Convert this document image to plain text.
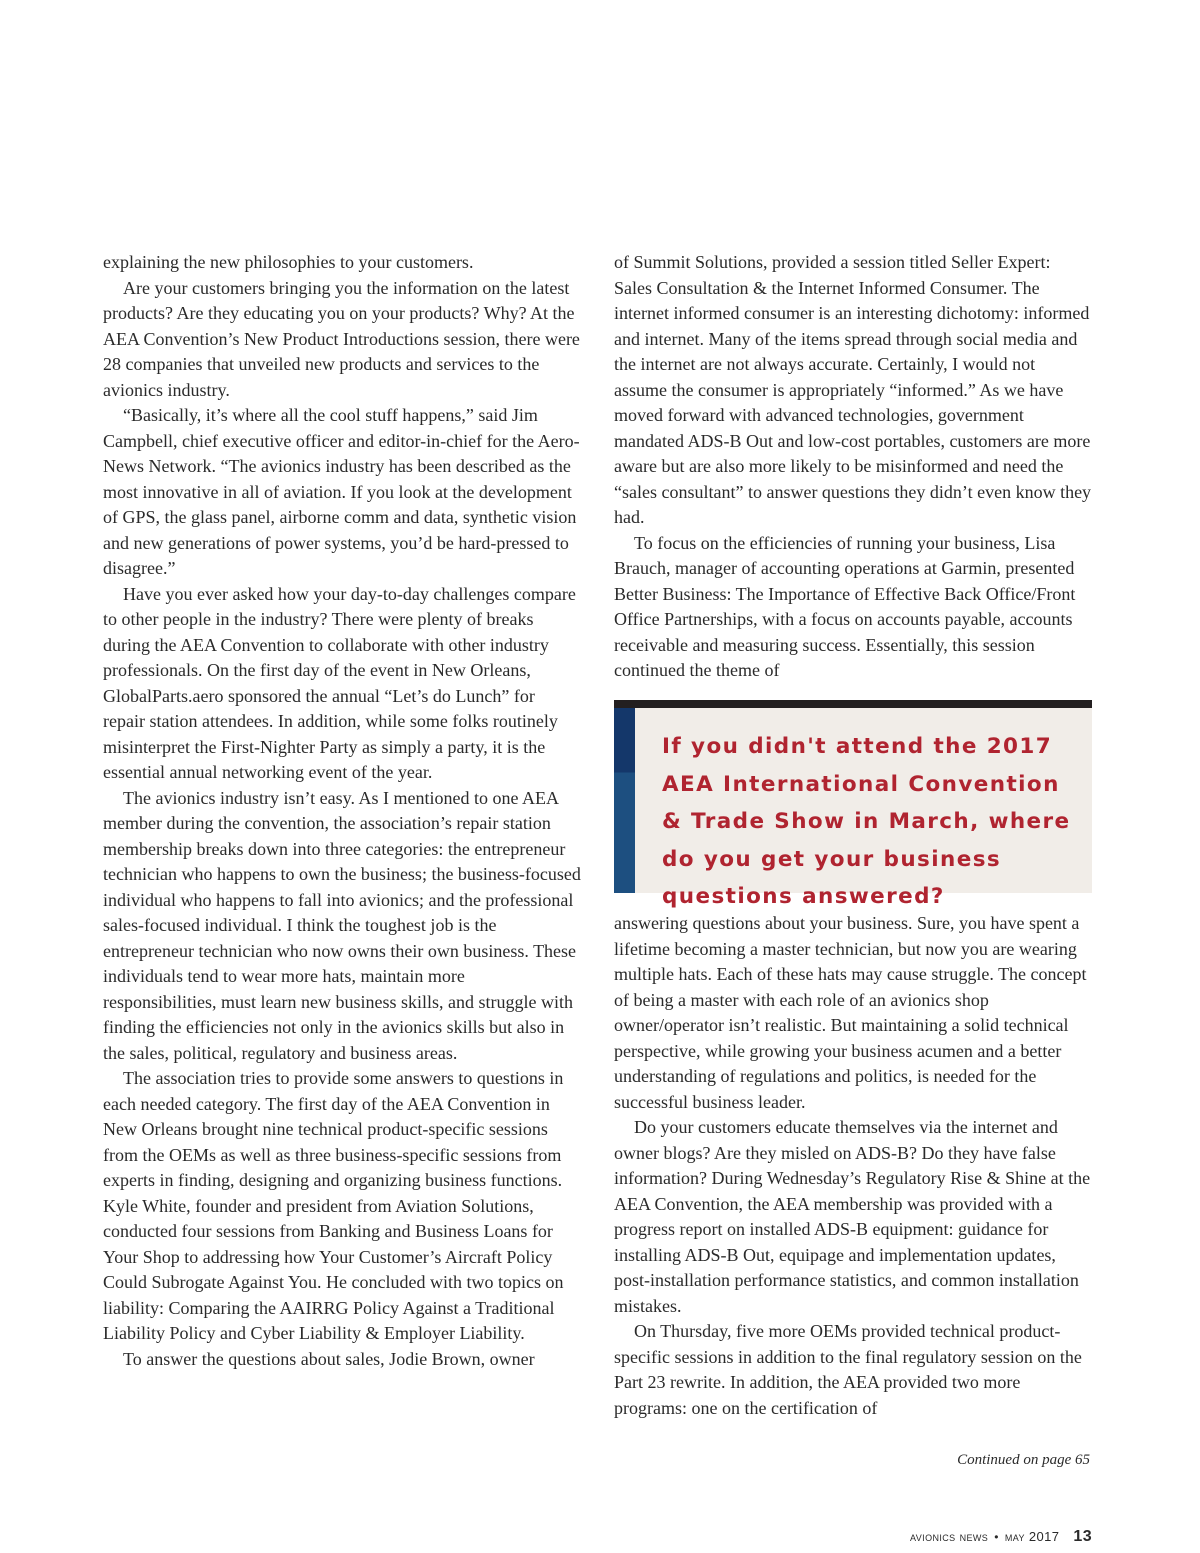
explaining the new philosophies to your customers.

Are your customers bringing you the information on the latest products? Are they educating you on your products? Why? At the AEA Convention’s New Product Introductions session, there were 28 companies that unveiled new products and services to the avionics industry.

“Basically, it’s where all the cool stuff happens,” said Jim Campbell, chief executive officer and editor-in-chief for the Aero-News Network. “The avionics industry has been described as the most innovative in all of aviation. If you look at the development of GPS, the glass panel, airborne comm and data, synthetic vision and new generations of power systems, you’d be hard-pressed to disagree.”

Have you ever asked how your day-to-day challenges compare to other people in the industry? There were plenty of breaks during the AEA Convention to collaborate with other industry professionals. On the first day of the event in New Orleans, GlobalParts.aero sponsored the annual “Let’s do Lunch” for repair station attendees. In addition, while some folks routinely misinterpret the First-Nighter Party as simply a party, it is the essential annual networking event of the year.

The avionics industry isn’t easy. As I mentioned to one AEA member during the convention, the association’s repair station membership breaks down into three categories: the entrepreneur technician who happens to own the business; the business-focused individual who happens to fall into avionics; and the professional sales-focused individual. I think the toughest job is the entrepreneur technician who now owns their own business. These individuals tend to wear more hats, maintain more responsibilities, must learn new business skills, and struggle with finding the efficiencies not only in the avionics skills but also in the sales, political, regulatory and business areas.

The association tries to provide some answers to questions in each needed category. The first day of the AEA Convention in New Orleans brought nine technical product-specific sessions from the OEMs as well as three business-specific sessions from experts in finding, designing and organizing business functions. Kyle White, founder and president from Aviation Solutions, conducted four sessions from Banking and Business Loans for Your Shop to addressing how Your Customer’s Aircraft Policy Could Subrogate Against You. He concluded with two topics on liability: Comparing the AAIRRG Policy Against a Traditional Liability Policy and Cyber Liability & Employer Liability.

To answer the questions about sales, Jodie Brown, owner

of Summit Solutions, provided a session titled Seller Expert: Sales Consultation & the Internet Informed Consumer. The internet informed consumer is an interesting dichotomy: informed and internet. Many of the items spread through social media and the internet are not always accurate. Certainly, I would not assume the consumer is appropriately “informed.” As we have moved forward with advanced technologies, government mandated ADS-B Out and low-cost portables, customers are more aware but are also more likely to be misinformed and need the “sales consultant” to answer questions they didn’t even know they had.

To focus on the efficiencies of running your business, Lisa Brauch, manager of accounting operations at Garmin, presented Better Business: The Importance of Effective Back Office/Front Office Partnerships, with a focus on accounts payable, accounts receivable and measuring success. Essentially, this session continued the theme of

If you didn't attend the 2017 AEA International Convention & Trade Show in March, where do you get your business questions answered?

answering questions about your business. Sure, you have spent a lifetime becoming a master technician, but now you are wearing multiple hats. Each of these hats may cause struggle. The concept of being a master with each role of an avionics shop owner/operator isn’t realistic. But maintaining a solid technical perspective, while growing your business acumen and a better understanding of regulations and politics, is needed for the successful business leader.

Do your customers educate themselves via the internet and owner blogs? Are they misled on ADS-B? Do they have false information? During Wednesday’s Regulatory Rise & Shine at the AEA Convention, the AEA membership was provided with a progress report on installed ADS-B equipment: guidance for installing ADS-B Out, equipage and implementation updates, post-installation performance statistics, and common installation mistakes.

On Thursday, five more OEMs provided technical product-specific sessions in addition to the final regulatory session on the Part 23 rewrite. In addition, the AEA provided two more programs: one on the certification of

Continued on page 65
avionics news • may 2017 13
